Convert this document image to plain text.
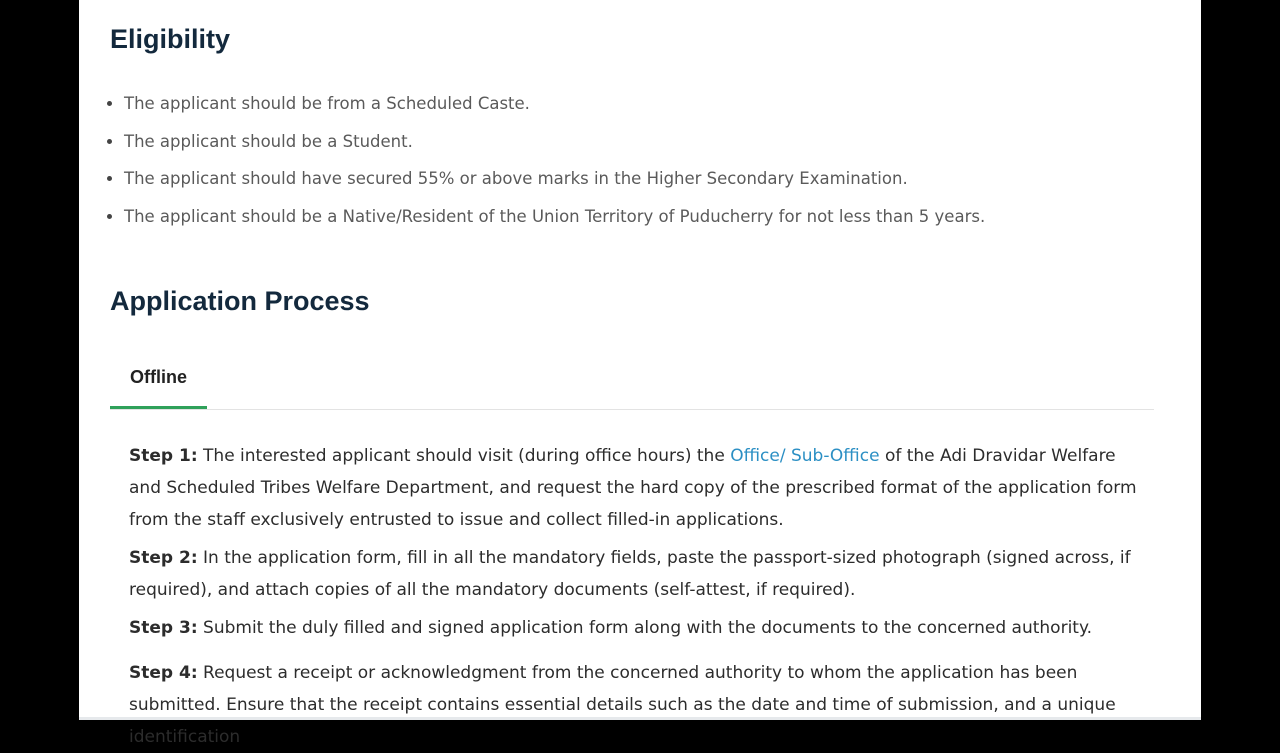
Eligibility
• The applicant should be from a Scheduled Caste.
• The applicant should be a Student.
• The applicant should have secured 55% or above marks in the Higher Secondary Examination.
• The applicant should be a Native/Resident of the Union Territory of Puducherry for not less than 5 years.
Application Process
Offline

Step 1: The interested applicant should visit (during office hours) the Office/ Sub-Office of the Adi Dravidar Welfare and Scheduled Tribes Welfare Department, and request the hard copy of the prescribed format of the application form from the staff exclusively entrusted to issue and collect filled-in applications.

Step 2: In the application form, fill in all the mandatory fields, paste the passport-sized photograph (signed across, if required), and attach copies of all the mandatory documents (self-attest, if required).

Step 3: Submit the duly filled and signed application form along with the documents to the concerned authority.

Step 4: Request a receipt or acknowledgment from the concerned authority to whom the application has been submitted. Ensure that the receipt contains essential details such as the date and time of submission, and a unique identification
